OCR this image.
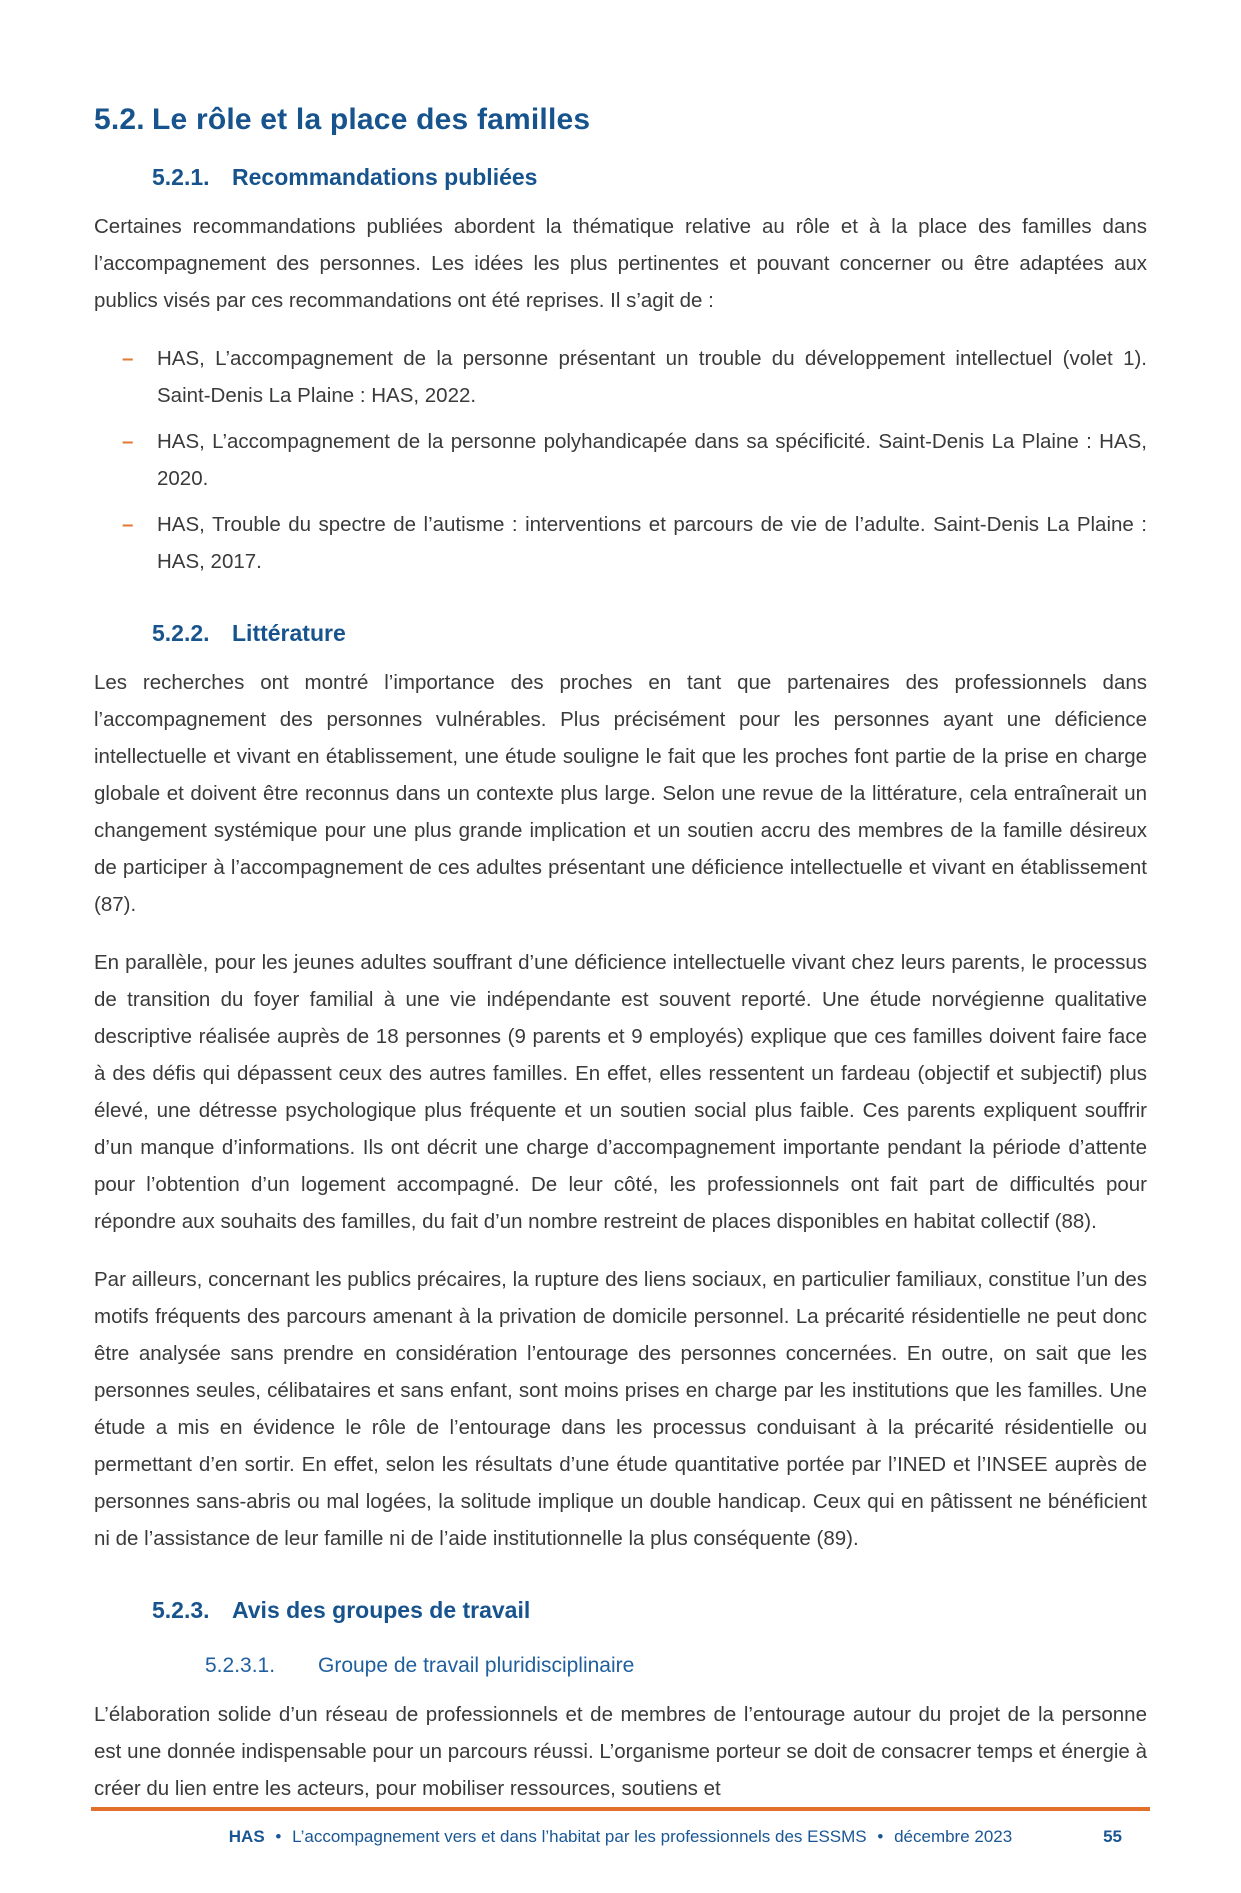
5.2. Le rôle et la place des familles
5.2.1. Recommandations publiées

Certaines recommandations publiées abordent la thématique relative au rôle et à la place des familles dans l’accompagnement des personnes. Les idées les plus pertinentes et pouvant concerner ou être adaptées aux publics visés par ces recommandations ont été reprises. Il s’agit de :

–	HAS, L’accompagnement de la personne présentant un trouble du développement intellectuel (volet 1). Saint-Denis La Plaine : HAS, 2022.

–	HAS, L’accompagnement de la personne polyhandicapée dans sa spécificité. Saint-Denis La Plaine : HAS, 2020.

–	HAS, Trouble du spectre de l’autisme : interventions et parcours de vie de l’adulte. Saint-Denis La Plaine : HAS, 2017.

5.2.2. Littérature

Les recherches ont montré l’importance des proches en tant que partenaires des professionnels dans l’accompagnement des personnes vulnérables. Plus précisément pour les personnes ayant une déficience intellectuelle et vivant en établissement, une étude souligne le fait que les proches font partie de la prise en charge globale et doivent être reconnus dans un contexte plus large. Selon une revue de la littérature, cela entraînerait un changement systémique pour une plus grande implication et un soutien accru des membres de la famille désireux de participer à l’accompagnement de ces adultes présentant une déficience intellectuelle et vivant en établissement (87).

En parallèle, pour les jeunes adultes souffrant d’une déficience intellectuelle vivant chez leurs parents, le processus de transition du foyer familial à une vie indépendante est souvent reporté. Une étude norvégienne qualitative descriptive réalisée auprès de 18 personnes (9 parents et 9 employés) explique que ces familles doivent faire face à des défis qui dépassent ceux des autres familles. En effet, elles ressentent un fardeau (objectif et subjectif) plus élevé, une détresse psychologique plus fréquente et un soutien social plus faible. Ces parents expliquent souffrir d’un manque d’informations. Ils ont décrit une charge d’accompagnement importante pendant la période d’attente pour l’obtention d’un logement accompagné. De leur côté, les professionnels ont fait part de difficultés pour répondre aux souhaits des familles, du fait d’un nombre restreint de places disponibles en habitat collectif (88).

Par ailleurs, concernant les publics précaires, la rupture des liens sociaux, en particulier familiaux, constitue l’un des motifs fréquents des parcours amenant à la privation de domicile personnel. La précarité résidentielle ne peut donc être analysée sans prendre en considération l’entourage des personnes concernées. En outre, on sait que les personnes seules, célibataires et sans enfant, sont moins prises en charge par les institutions que les familles. Une étude a mis en évidence le rôle de l’entourage dans les processus conduisant à la précarité résidentielle ou permettant d’en sortir. En effet, selon les résultats d’une étude quantitative portée par l’INED et l’INSEE auprès de personnes sans-abris ou mal logées, la solitude implique un double handicap. Ceux qui en pâtissent ne bénéficient ni de l’assistance de leur famille ni de l’aide institutionnelle la plus conséquente (89).

5.2.3. Avis des groupes de travail
5.2.3.1.	Groupe de travail pluridisciplinaire

L’élaboration solide d’un réseau de professionnels et de membres de l’entourage autour du projet de la personne est une donnée indispensable pour un parcours réussi. L’organisme porteur se doit de consacrer temps et énergie à créer du lien entre les acteurs, pour mobiliser ressources, soutiens et

HAS • L’accompagnement vers et dans l’habitat par les professionnels des ESSMS • décembre 2023	55
